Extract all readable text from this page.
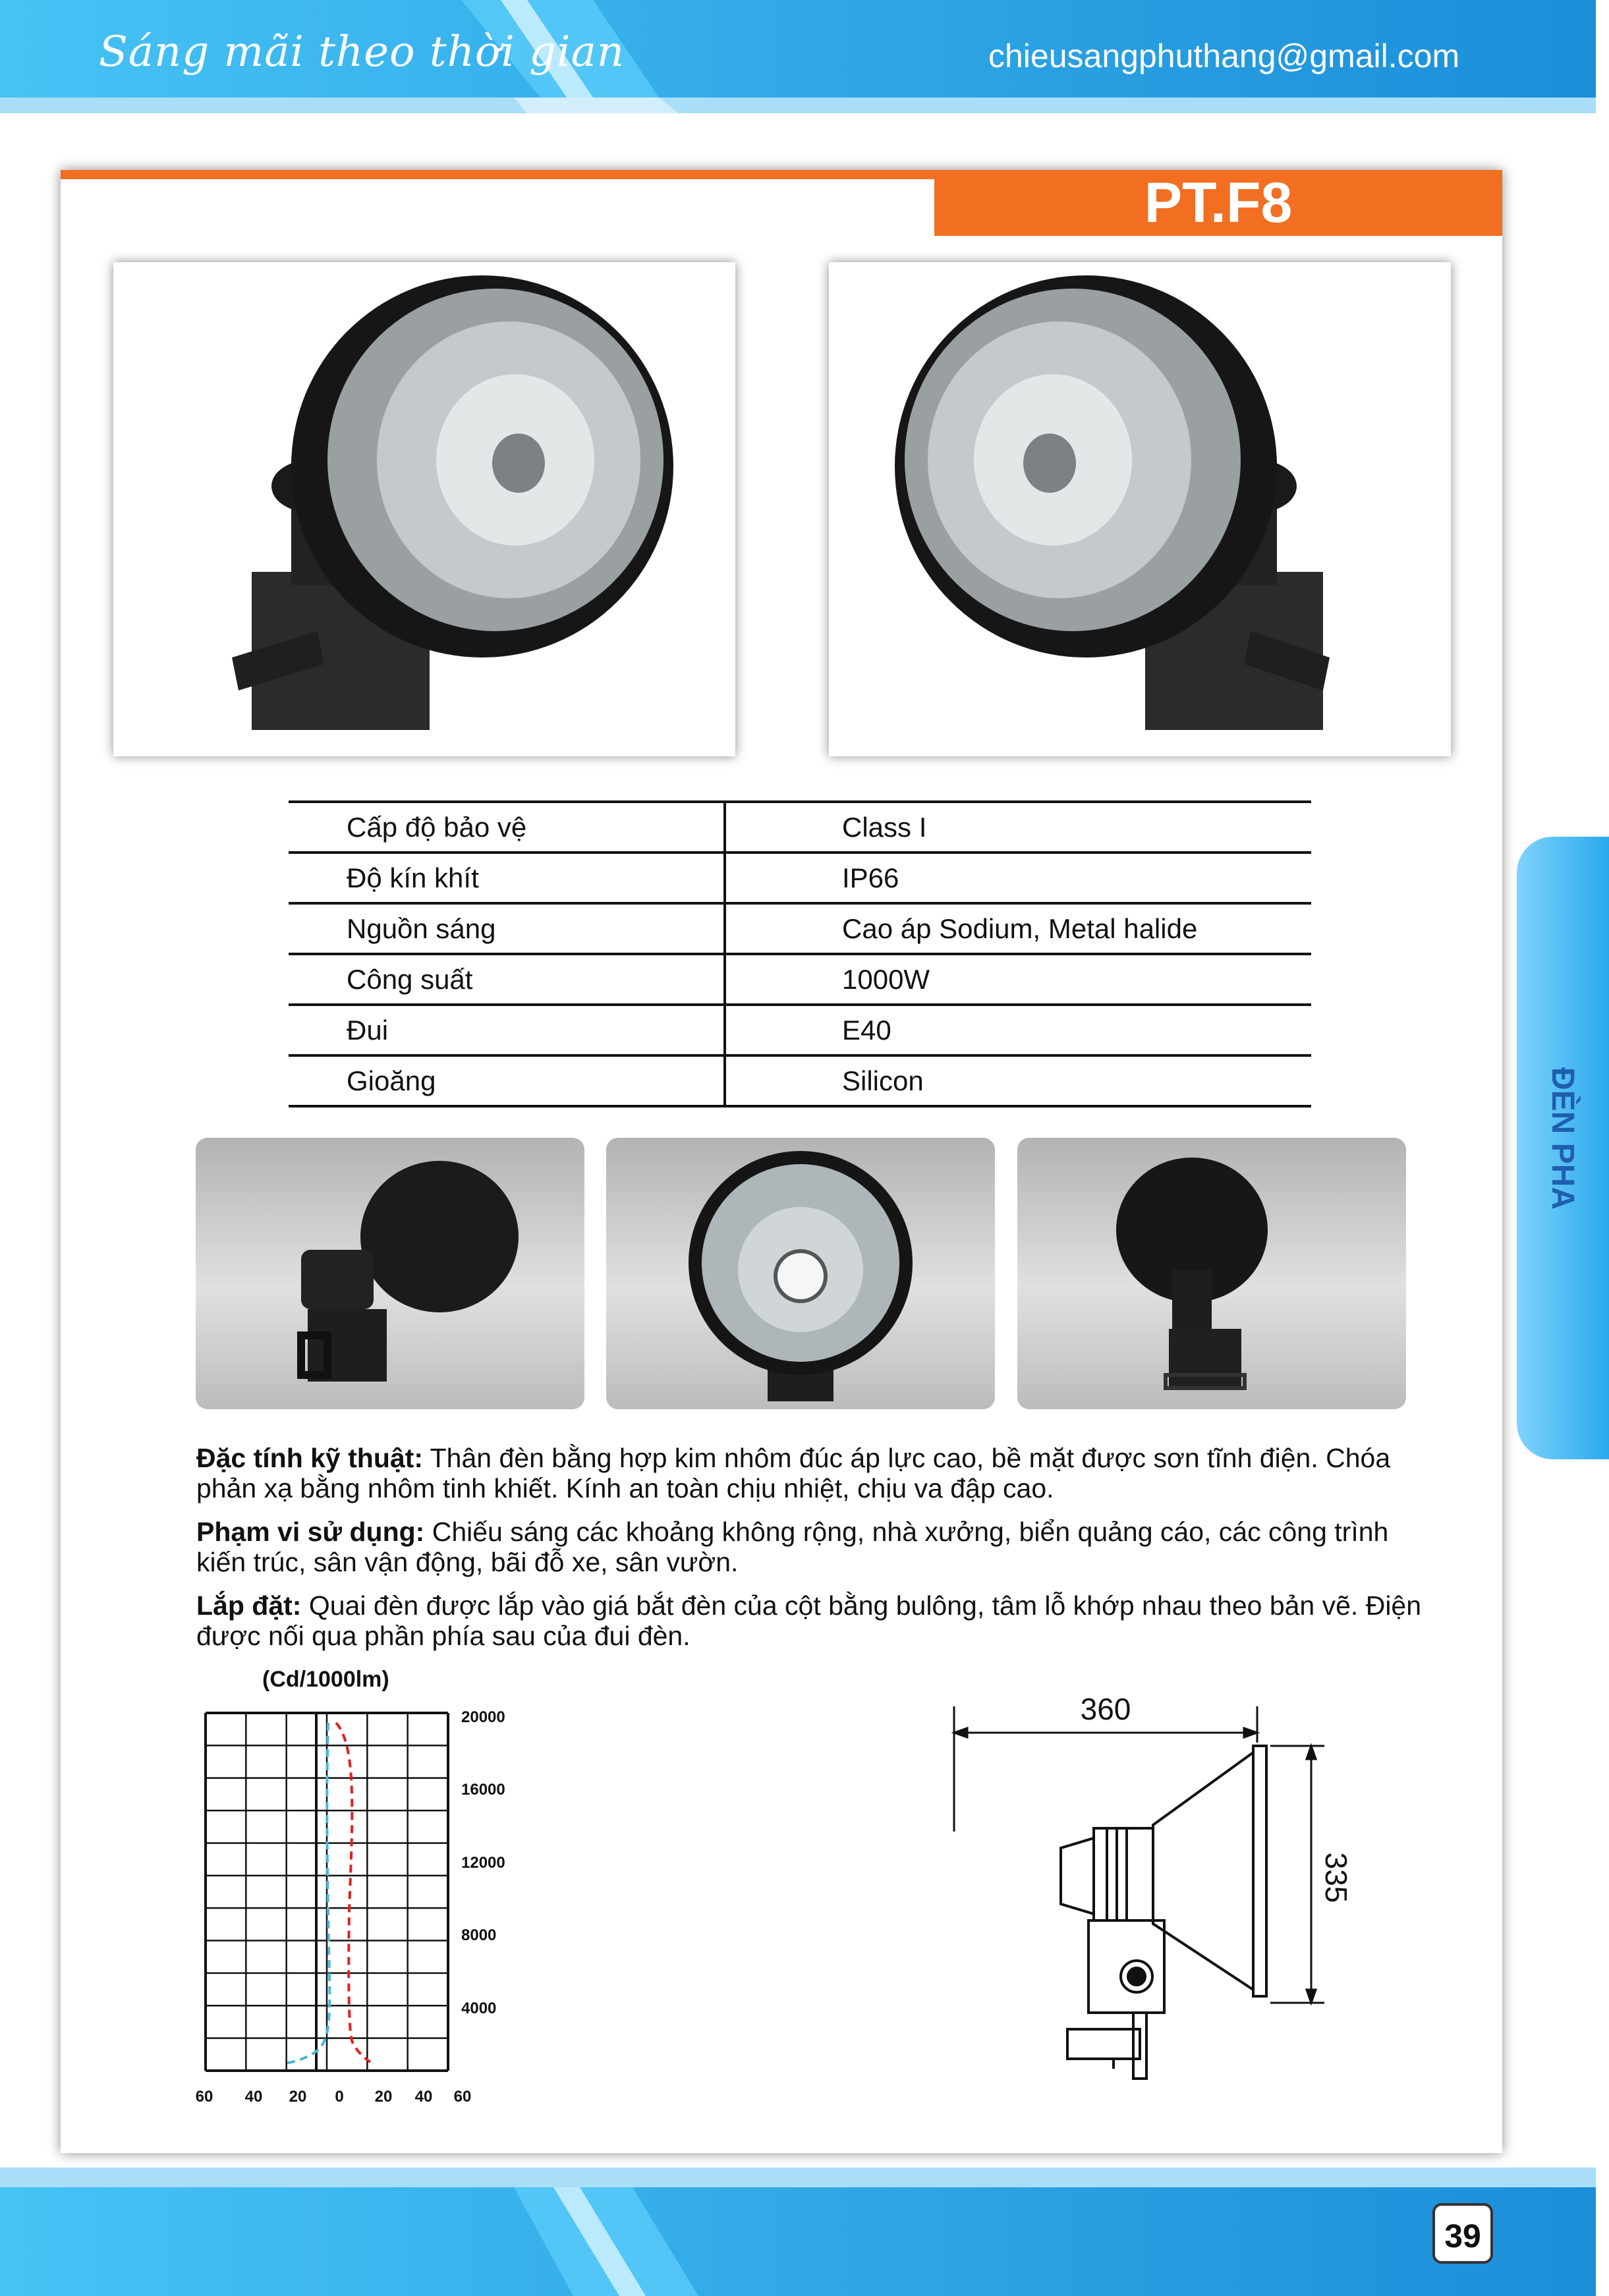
Sáng mãi theo thời gian	chieusangphuthang@gmail.com
PT.F8
Cấp độ bảo vệ	Class I
Độ kín khít	IP66
Nguồn sáng	Cao áp Sodium, Metal halide
Công suất	1000W
Đui	E40
Gioăng	Silicon
Đặc tính kỹ thuật: Thân đèn bằng hợp kim nhôm đúc áp lực cao, bề mặt được sơn tĩnh điện. Chóa phản xạ bằng nhôm tinh khiết. Kính an toàn chịu nhiệt, chịu va đập cao.
Phạm vi sử dụng: Chiếu sáng các khoảng không rộng, nhà xưởng, biển quảng cáo, các công trình kiến trúc, sân vận động, bãi đỗ xe, sân vườn.
Lắp đặt: Quai đèn được lắp vào giá bắt đèn của cột bằng bulông, tâm lỗ khớp nhau theo bản vẽ. Điện được nối qua phần phía sau của đui đèn.
(Cd/1000lm)
20000
16000
12000
8000
4000
60 40 20 0 20 40 60
360
335
ĐÈN PHA
39
